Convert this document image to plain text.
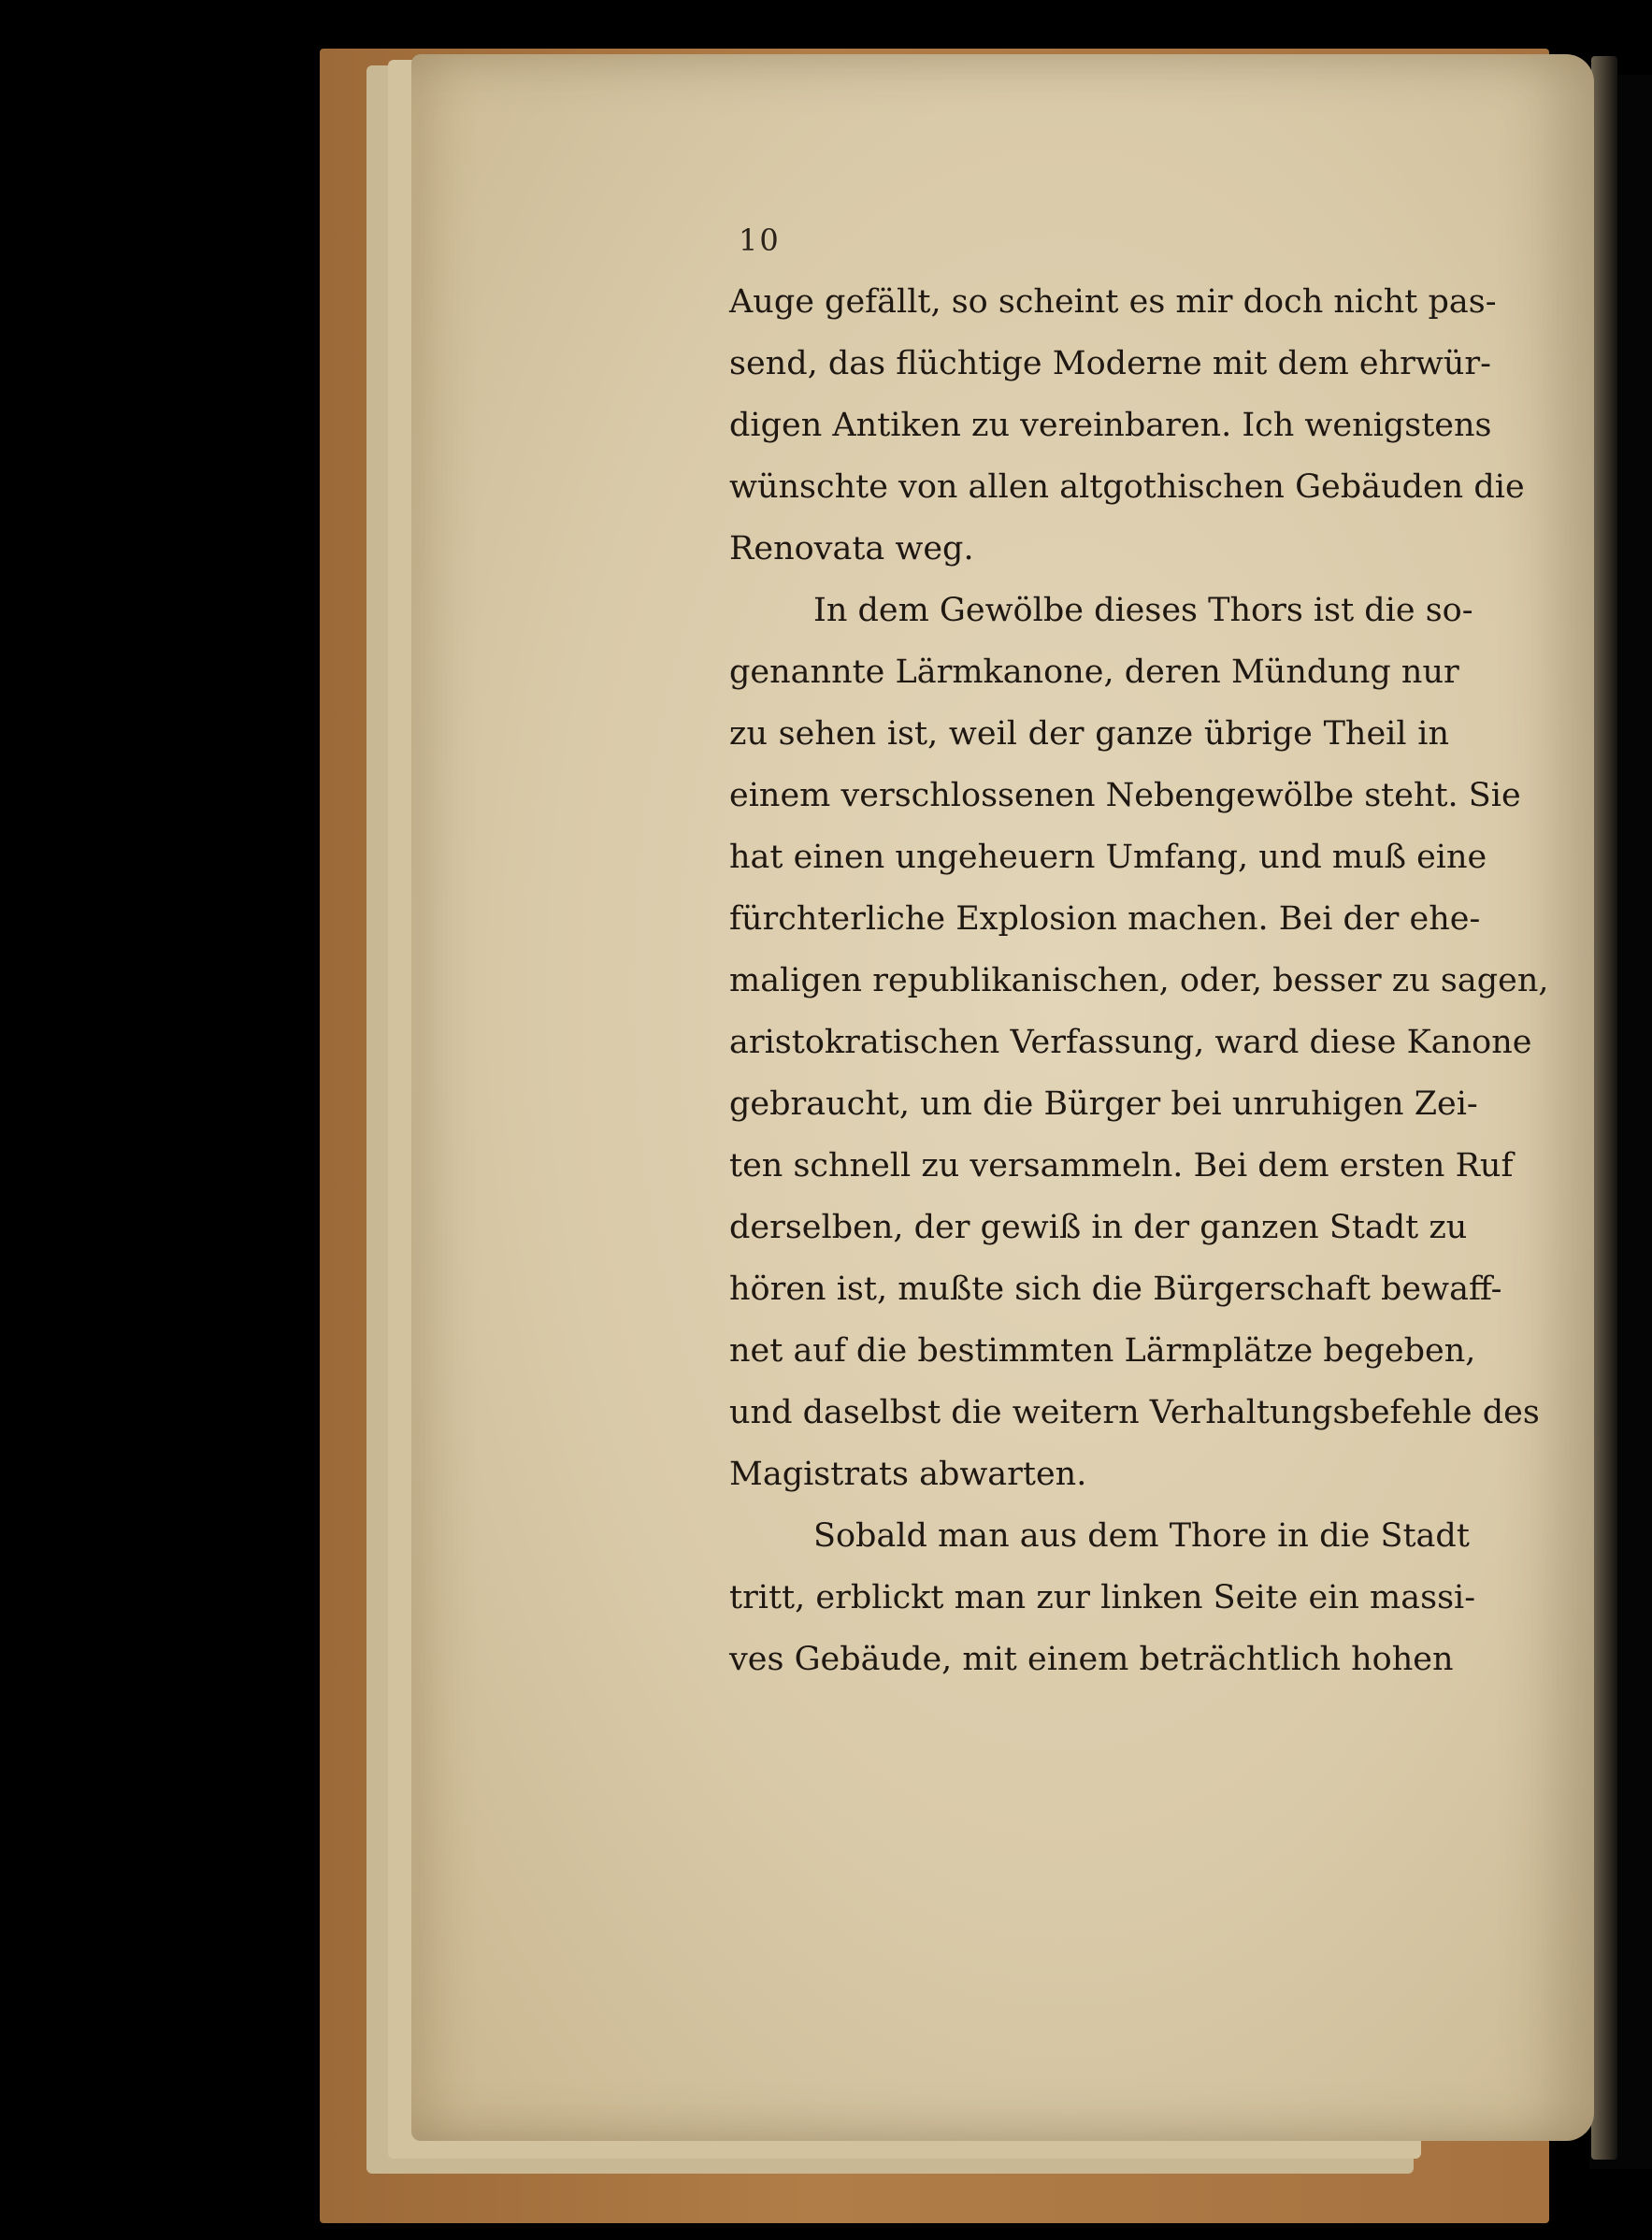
10
Auge gefällt, so scheint es mir doch nicht pas-
send, das flüchtige Moderne mit dem ehrwür-
digen Antiken zu vereinbaren. Ich wenigstens
wünschte von allen altgothischen Gebäuden die
Renovata weg.
In dem Gewölbe dieses Thors ist die so-
genannte Lärmkanone, deren Mündung nur
zu sehen ist, weil der ganze übrige Theil in
einem verschlossenen Nebengewölbe steht. Sie
hat einen ungeheuern Umfang, und muß eine
fürchterliche Explosion machen. Bei der ehe-
maligen republikanischen, oder, besser zu sagen,
aristokratischen Verfassung, ward diese Kanone
gebraucht, um die Bürger bei unruhigen Zei-
ten schnell zu versammeln. Bei dem ersten Ruf
derselben, der gewiß in der ganzen Stadt zu
hören ist, mußte sich die Bürgerschaft bewaff-
net auf die bestimmten Lärmplätze begeben,
und daselbst die weitern Verhaltungsbefehle des
Magistrats abwarten.
Sobald man aus dem Thore in die Stadt
tritt, erblickt man zur linken Seite ein massi-
ves Gebäude, mit einem beträchtlich hohen
